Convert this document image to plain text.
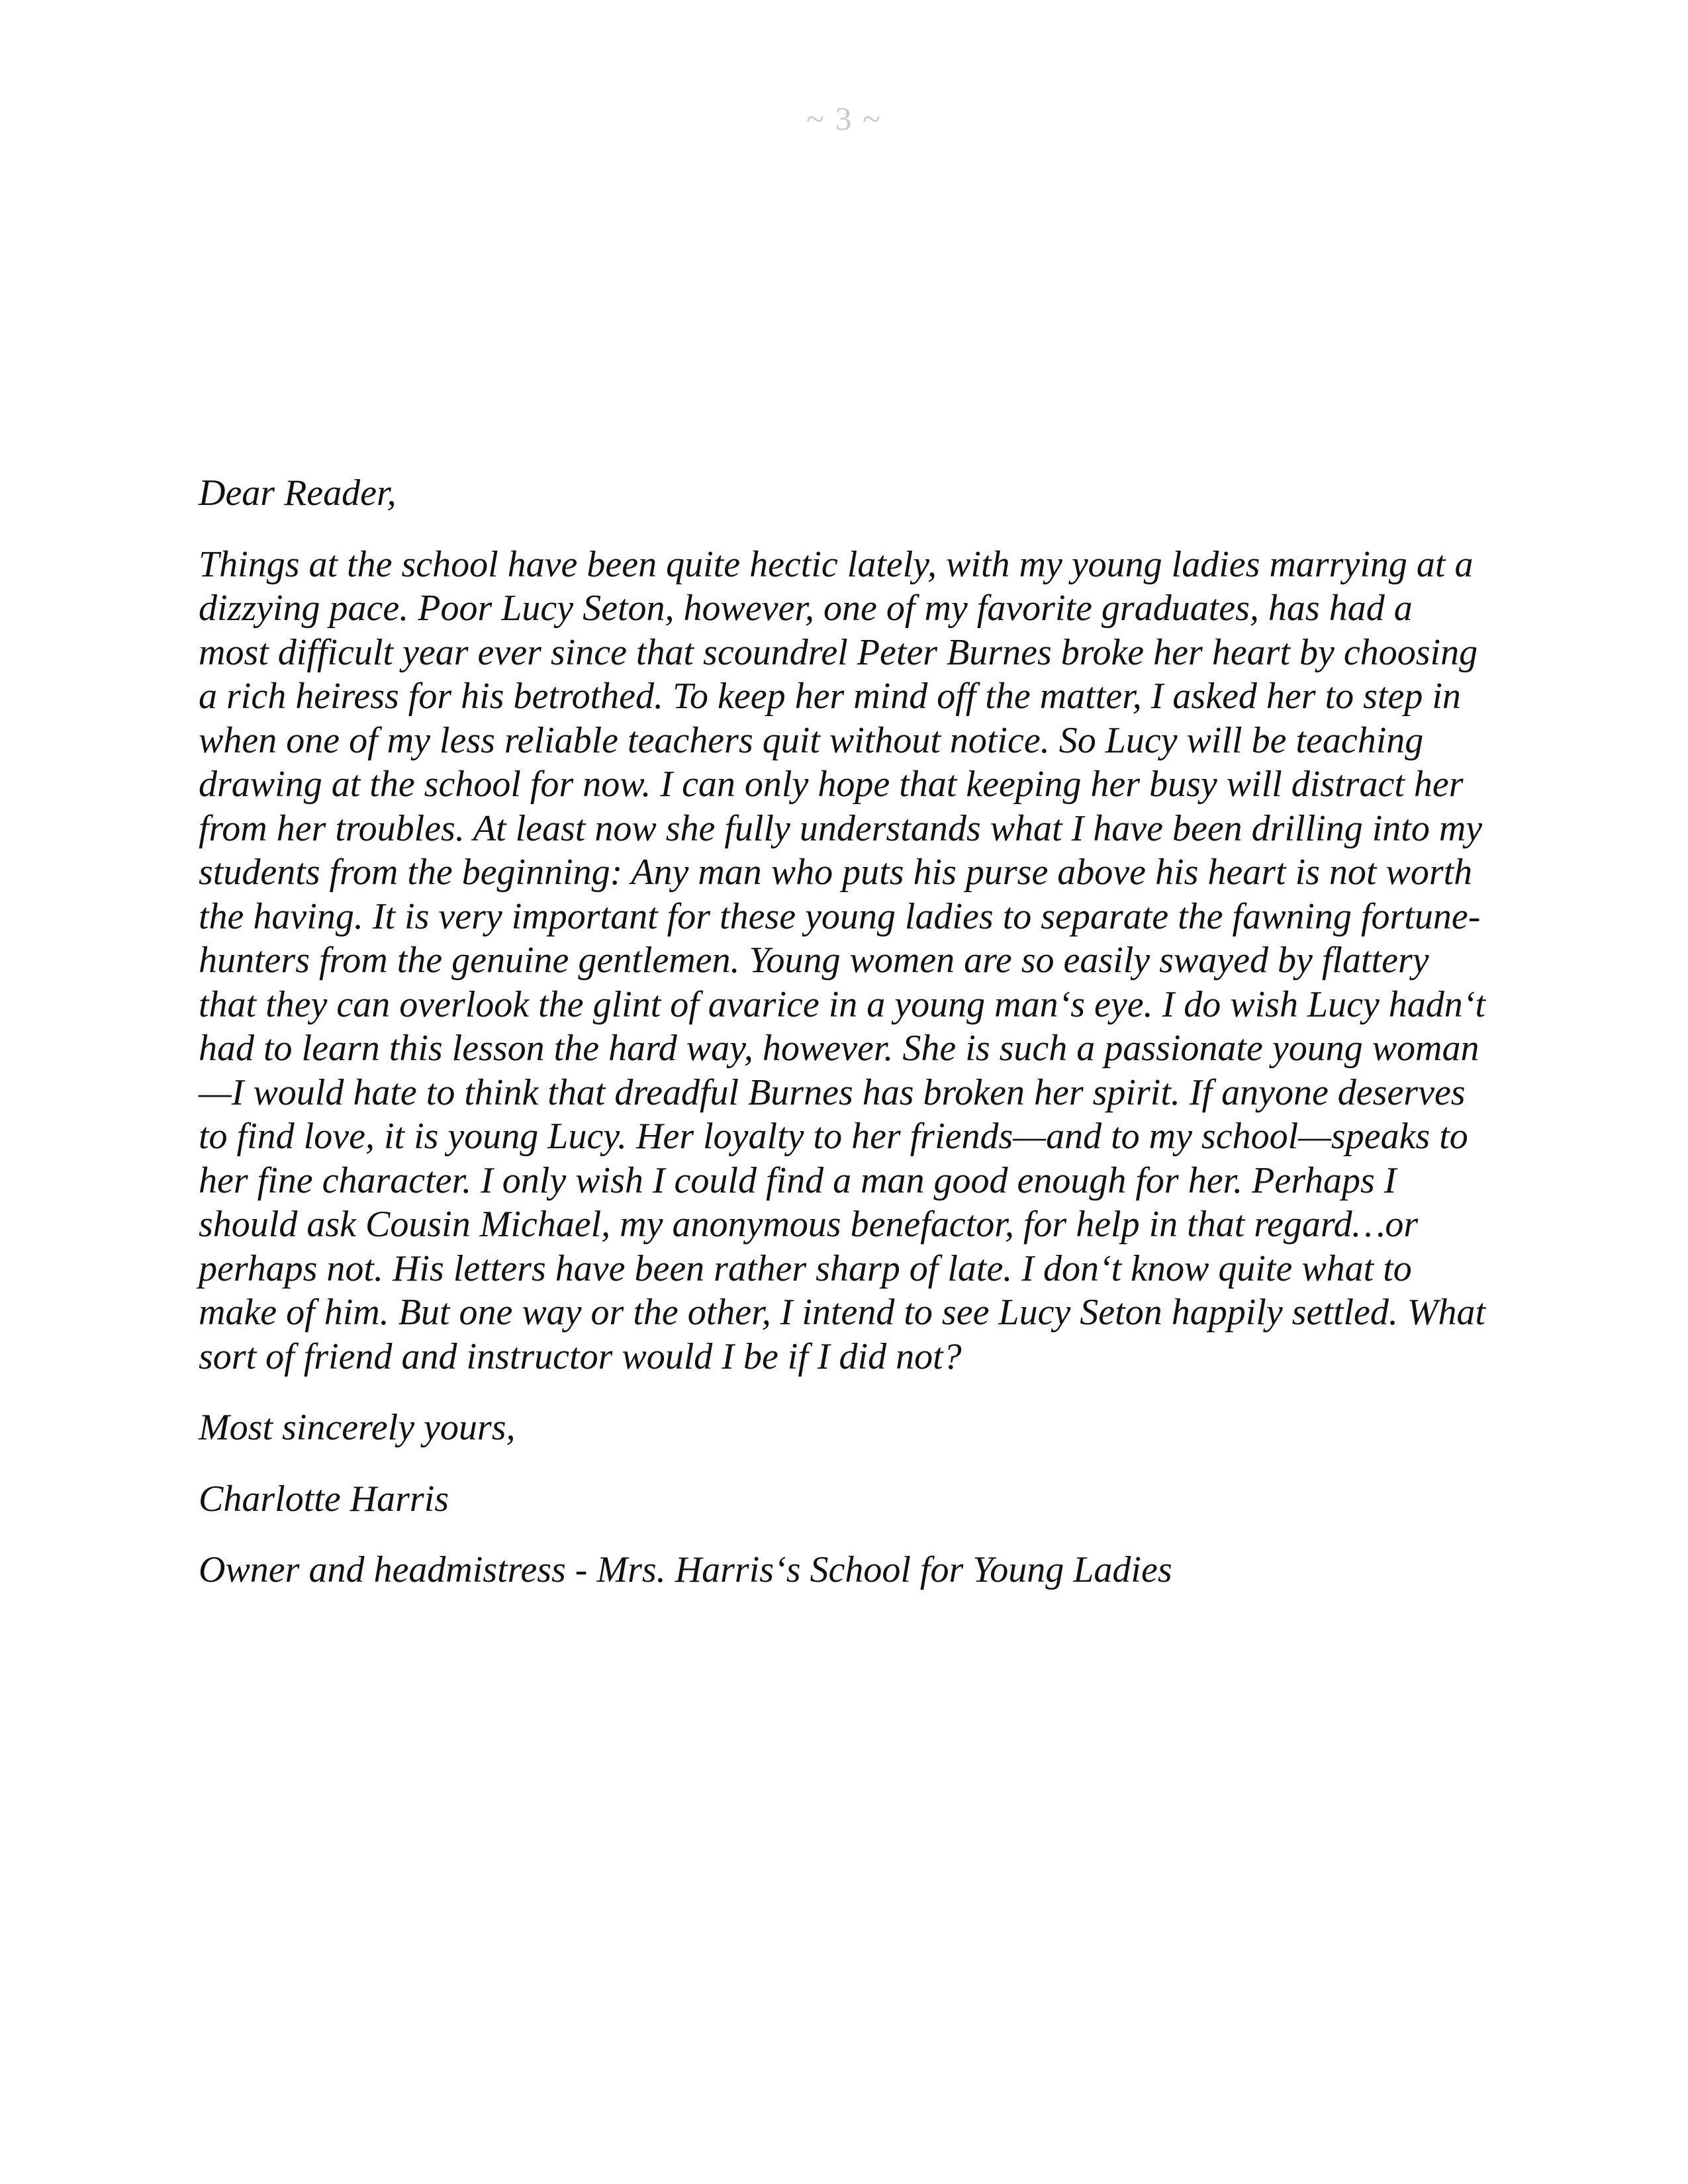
~ 3 ~

Dear Reader,

Things at the school have been quite hectic lately, with my young ladies marrying at a dizzying pace. Poor Lucy Seton, however, one of my favorite graduates, has had a most difficult year ever since that scoundrel Peter Burnes broke her heart by choosing a rich heiress for his betrothed. To keep her mind off the matter, I asked her to step in when one of my less reliable teachers quit without notice. So Lucy will be teaching drawing at the school for now. I can only hope that keeping her busy will distract her from her troubles. At least now she fully understands what I have been drilling into my students from the beginning: Any man who puts his purse above his heart is not worth the having. It is very important for these young ladies to separate the fawning fortune-hunters from the genuine gentlemen. Young women are so easily swayed by flattery that they can overlook the glint of avarice in a young man‘s eye. I do wish Lucy hadn‘t had to learn this lesson the hard way, however. She is such a passionate young woman—I would hate to think that dreadful Burnes has broken her spirit. If anyone deserves to find love, it is young Lucy. Her loyalty to her friends—and to my school—speaks to her fine character. I only wish I could find a man good enough for her. Perhaps I should ask Cousin Michael, my anonymous benefactor, for help in that regard…or perhaps not. His letters have been rather sharp of late. I don‘t know quite what to make of him. But one way or the other, I intend to see Lucy Seton happily settled. What sort of friend and instructor would I be if I did not?

Most sincerely yours,

Charlotte Harris

Owner and headmistress - Mrs. Harris‘s School for Young Ladies
